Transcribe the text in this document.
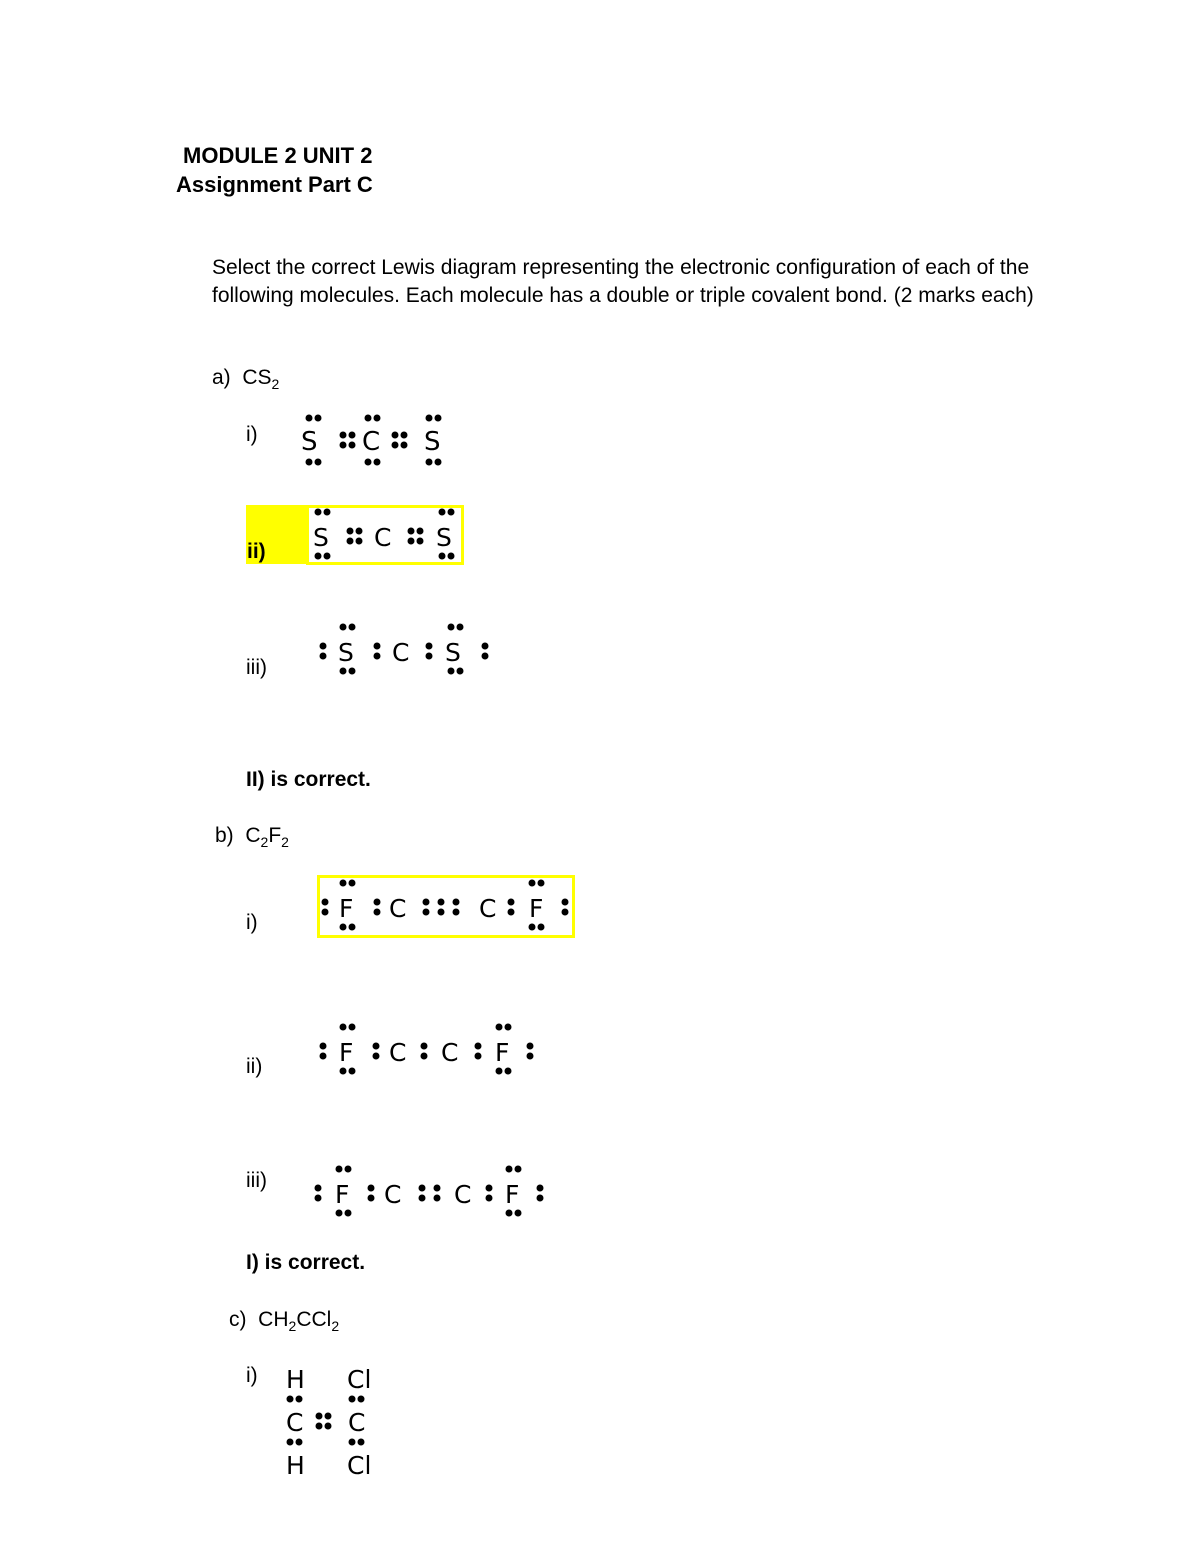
MODULE 2 UNIT 2
Assignment Part C
Select the correct Lewis diagram representing the electronic configuration of each of the following molecules. Each molecule has a double or triple covalent bond. (2 marks each)
a) $CS_2$
i) S C S
ii) S C S
iii)
S C S
II) is correct.
b) $C_2F_2$
i)	F C	C F
ii)	F C C F
iii)	F C C F
I) is correct.
c) $CH_2CCl_2$
i) H Cl
C C
H Cl
